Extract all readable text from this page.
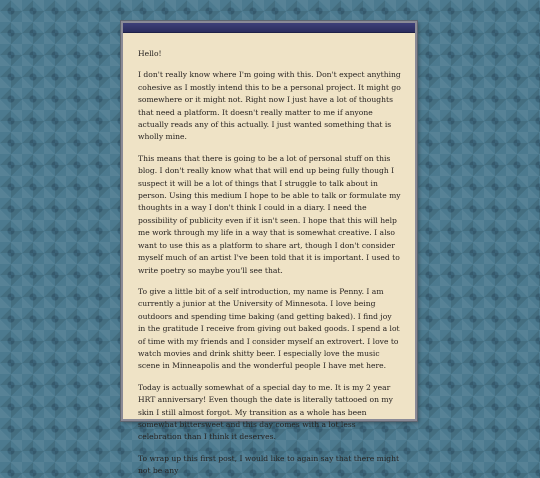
Hello!

I don't really know where I'm going with this. Don't expect anything cohesive as I mostly intend this to be a personal project. It might go somewhere or it might not. Right now I just have a lot of thoughts that need a platform. It doesn't really matter to me if anyone actually reads any of this actually. I just wanted something that is wholly mine.

This means that there is going to be a lot of personal stuff on this blog. I don't really know what that will end up being fully though I suspect it will be a lot of things that I struggle to talk about in person. Using this medium I hope to be able to talk or formulate my thoughts in a way I don't think I could in a diary. I need the possibility of publicity even if it isn't seen. I hope that this will help me work through my life in a way that is somewhat creative. I also want to use this as a platform to share art, though I don't consider myself much of an artist I've been told that it is important. I used to write poetry so maybe you'll see that.

To give a little bit of a self introduction, my name is Penny. I am currently a junior at the University of Minnesota. I love being outdoors and spending time baking (and getting baked). I find joy in the gratitude I receive from giving out baked goods. I spend a lot of time with my friends and I consider myself an extrovert. I love to watch movies and drink shitty beer. I especially love the music scene in Minneapolis and the wonderful people I have met here.

Today is actually somewhat of a special day to me. It is my 2 year HRT anniversary! Even though the date is literally tattooed on my skin I still almost forgot. My transition as a whole has been somewhat bittersweet and this day comes with a lot less celebration than I think it deserves.

To wrap up this first post, I would like to again say that there might not be any
